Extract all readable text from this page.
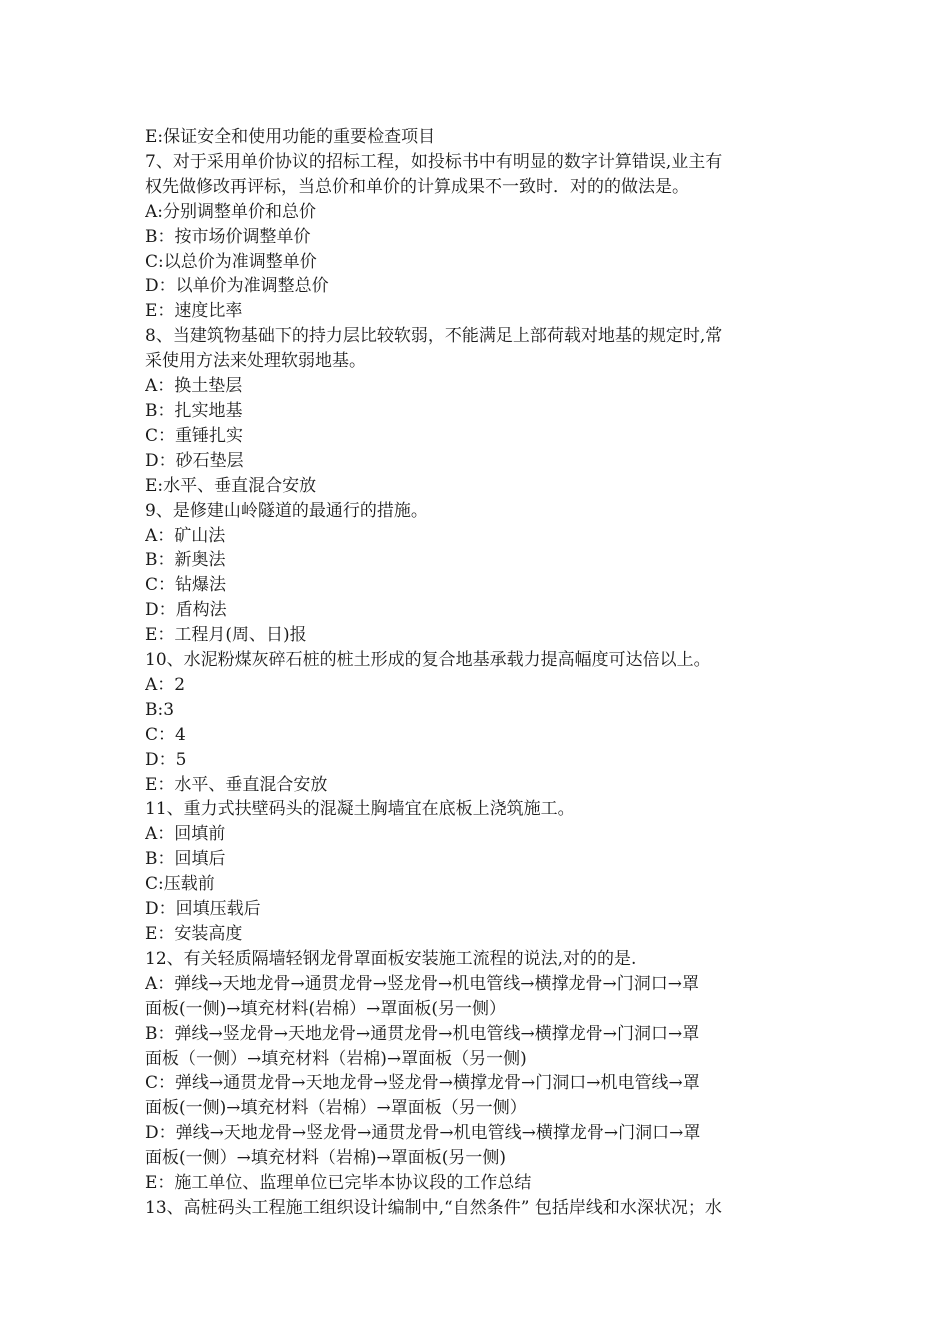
E:保证安全和使用功能的重要检查项目
7、对于采用单价协议的招标工程，如投标书中有明显的数字计算错误,业主有
权先做修改再评标，当总价和单价的计算成果不一致时．对的的做法是。
A:分别调整单价和总价
B：按市场价调整单价
C:以总价为准调整单价
D：以单价为准调整总价
E：速度比率
8、当建筑物基础下的持力层比较软弱，不能满足上部荷载对地基的规定时,常
采使用方法来处理软弱地基。
A：换土垫层
B：扎实地基
C：重锤扎实
D：砂石垫层
E:水平、垂直混合安放
9、是修建山岭隧道的最通行的措施。
A：矿山法
B：新奥法
C：钻爆法
D：盾构法
E：工程月(周、日)报
10、水泥粉煤灰碎石桩的桩土形成的复合地基承载力提高幅度可达倍以上。
A：2
B:3
C：4
D：5
E：水平、垂直混合安放
11、重力式扶壁码头的混凝土胸墙宜在底板上浇筑施工。
A：回填前
B：回填后
C:压载前
D：回填压载后
E：安装高度
12、有关轻质隔墙轻钢龙骨罩面板安装施工流程的说法,对的的是.
A：弹线→天地龙骨→通贯龙骨→竖龙骨→机电管线→横撑龙骨→门洞口→罩
面板(一侧)→填充材料(岩棉）→罩面板(另一侧）
B：弹线→竖龙骨→天地龙骨→通贯龙骨→机电管线→横撑龙骨→门洞口→罩
面板（一侧）→填充材料（岩棉)→罩面板（另一侧)
C：弹线→通贯龙骨→天地龙骨→竖龙骨→横撑龙骨→门洞口→机电管线→罩
面板(一侧)→填充材料（岩棉）→罩面板（另一侧）
D：弹线→天地龙骨→竖龙骨→通贯龙骨→机电管线→横撑龙骨→门洞口→罩
面板(一侧）→填充材料（岩棉)→罩面板(另一侧)
E：施工单位、监理单位已完毕本协议段的工作总结
13、高桩码头工程施工组织设计编制中,“自然条件” 包括岸线和水深状况；水
